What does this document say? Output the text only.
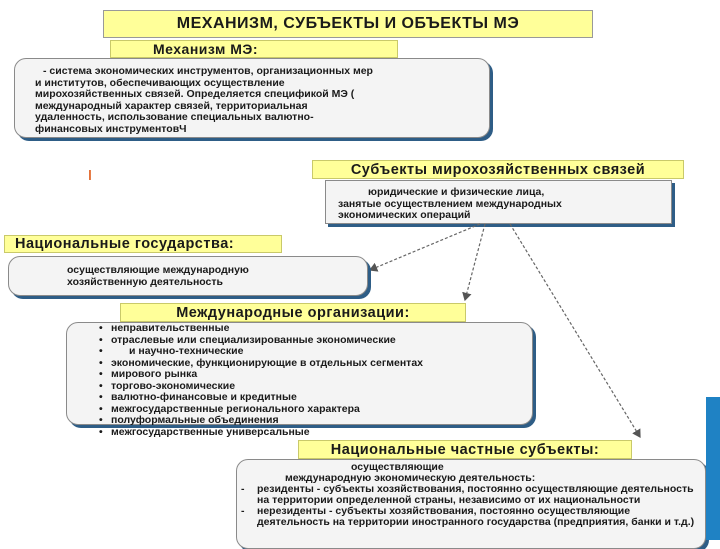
МЕХАНИЗМ, СУБЪЕКТЫ И ОБЪЕКТЫ МЭ
Механизм МЭ:
- система экономических инструментов, организационных мер
и институтов, обеспечивающих осуществление
мирохозяйственных связей. Определяется спецификой МЭ (
международный характер связей, территориальная
удаленность, использование специальных валютно-
финансовых инструментовЧ
ǀ	Субъекты мирохозяйственных связей
юридические и физические лица,
занятые осуществлением международных
экономических операций
Национальные государства:
осуществляющие международную
хозяйственную деятельность
Международные организации:
• неправительственные
• отраслевые или специализированные экономические
• и научно-технические
• экономические, функционирующие в отдельных сегментах
• мирового рынка
• торгово-экономические
• валютно-финансовые и кредитные
• межгосударственные регионального характера
• полуформальные объединения
• межгосударственные универсальные
Национальные частные субъекты:
осуществляющие
международную экономическую деятельность:
- резиденты - субъекты хозяйствования, постоянно осуществляющие деятельность на территории определенной страны, независимо от их национальности
- нерезиденты - субъекты хозяйствования, постоянно осуществляющие деятельность на территории иностранного государства (предприятия, банки и т.д.)
